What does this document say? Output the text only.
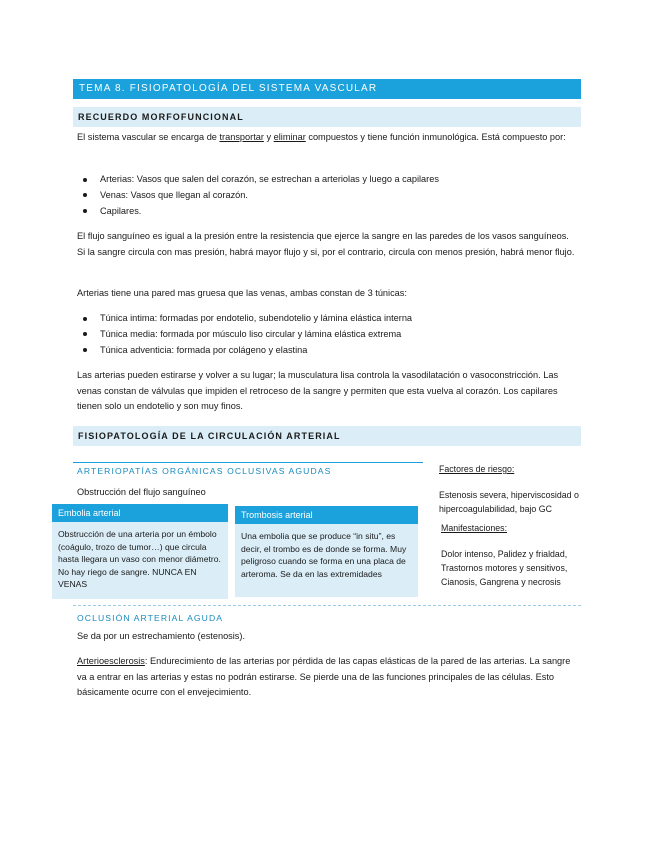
TEMA 8. FISIOPATOLOGÍA DEL SISTEMA VASCULAR
RECUERDO MORFOFUNCIONAL
El sistema vascular se encarga de transportar y eliminar compuestos y tiene función inmunológica. Está compuesto por:
Arterias: Vasos que salen del corazón, se estrechan a arteriolas y luego a capilares
Venas: Vasos que llegan al corazón.
Capilares.
El flujo sanguíneo es igual a la presión entre la resistencia que ejerce la sangre en las paredes de los vasos sanguíneos. Si la sangre circula con mas presión, habrá mayor flujo y si, por el contrario, circula con menos presión, habrá menor flujo.
Arterias tiene una pared mas gruesa que las venas, ambas constan de 3 túnicas:
Túnica intima: formadas por endotelio, subendotelio y lámina elástica interna
Túnica media: formada por músculo liso circular y lámina elástica extrema
Túnica adventicia: formada por colágeno y elastina
Las arterias pueden estirarse y volver a su lugar; la musculatura lisa controla la vasodilatación o vasoconstricción. Las venas constan de válvulas que impiden el retroceso de la sangre y permiten que esta vuelva al corazón. Los capilares tienen solo un endotelio y son muy finos.
FISIOPATOLOGÍA DE LA CIRCULACIÓN ARTERIAL
ARTERIOPATÍAS ORGÁNICAS OCLUSIVAS AGUDAS
Obstrucción del flujo sanguíneo
Embolia arterial
Obstrucción de una arteria por un émbolo (coágulo, trozo de tumor…) que circula hasta llegara un vaso con menor diámetro. No hay riego de sangre. NUNCA EN VENAS
Trombosis arterial
Una embolia que se produce “in situ”, es decir, el trombo es de donde se forma. Muy peligroso cuando se forma en una placa de arteroma. Se da en las extremidades
Factores de riesgo:
Estenosis severa, hiperviscosidad o hipercoagulabilidad, bajo GC
Manifestaciones:
Dolor intenso, Palidez y frialdad, Trastornos motores y sensitivos, Cianosis, Gangrena y necrosis
OCLUSIÓN ARTERIAL AGUDA
Se da por un estrechamiento (estenosis).
Arterioesclerosis: Endurecimiento de las arterias por pérdida de las capas elásticas de la pared de las arterias. La sangre va a entrar en las arterias y estas no podrán estirarse. Se pierde una de las funciones principales de las células. Esto básicamente ocurre con el envejecimiento.
